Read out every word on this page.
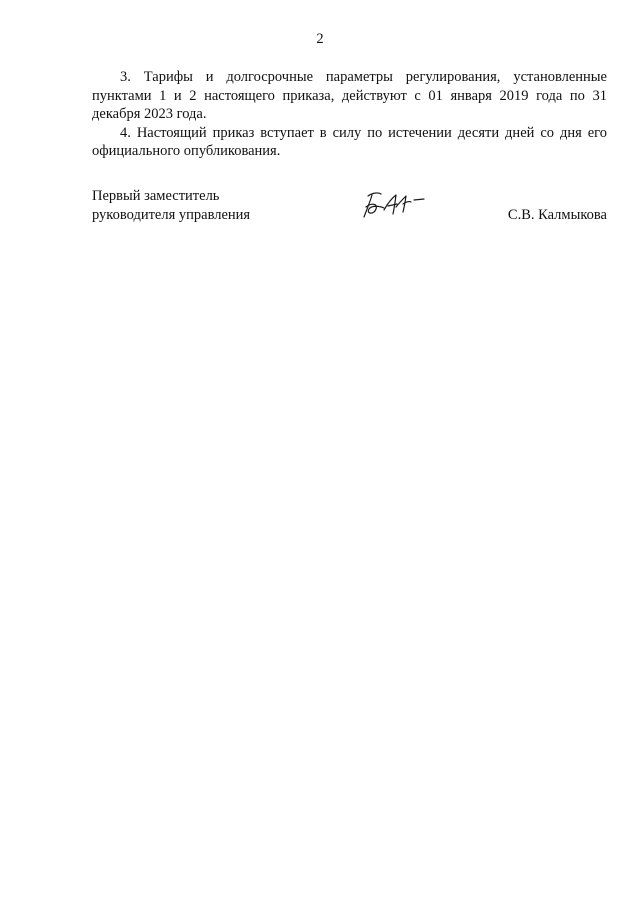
2

3. Тарифы и долгосрочные параметры регулирования, установленные пунктами 1 и 2 настоящего приказа, действуют с 01 января 2019 года по 31 декабря 2023 года.

4. Настоящий приказ вступает в силу по истечении десяти дней со дня его официального опубликования.

Первый заместитель
руководителя управления	С.В. Калмыкова
